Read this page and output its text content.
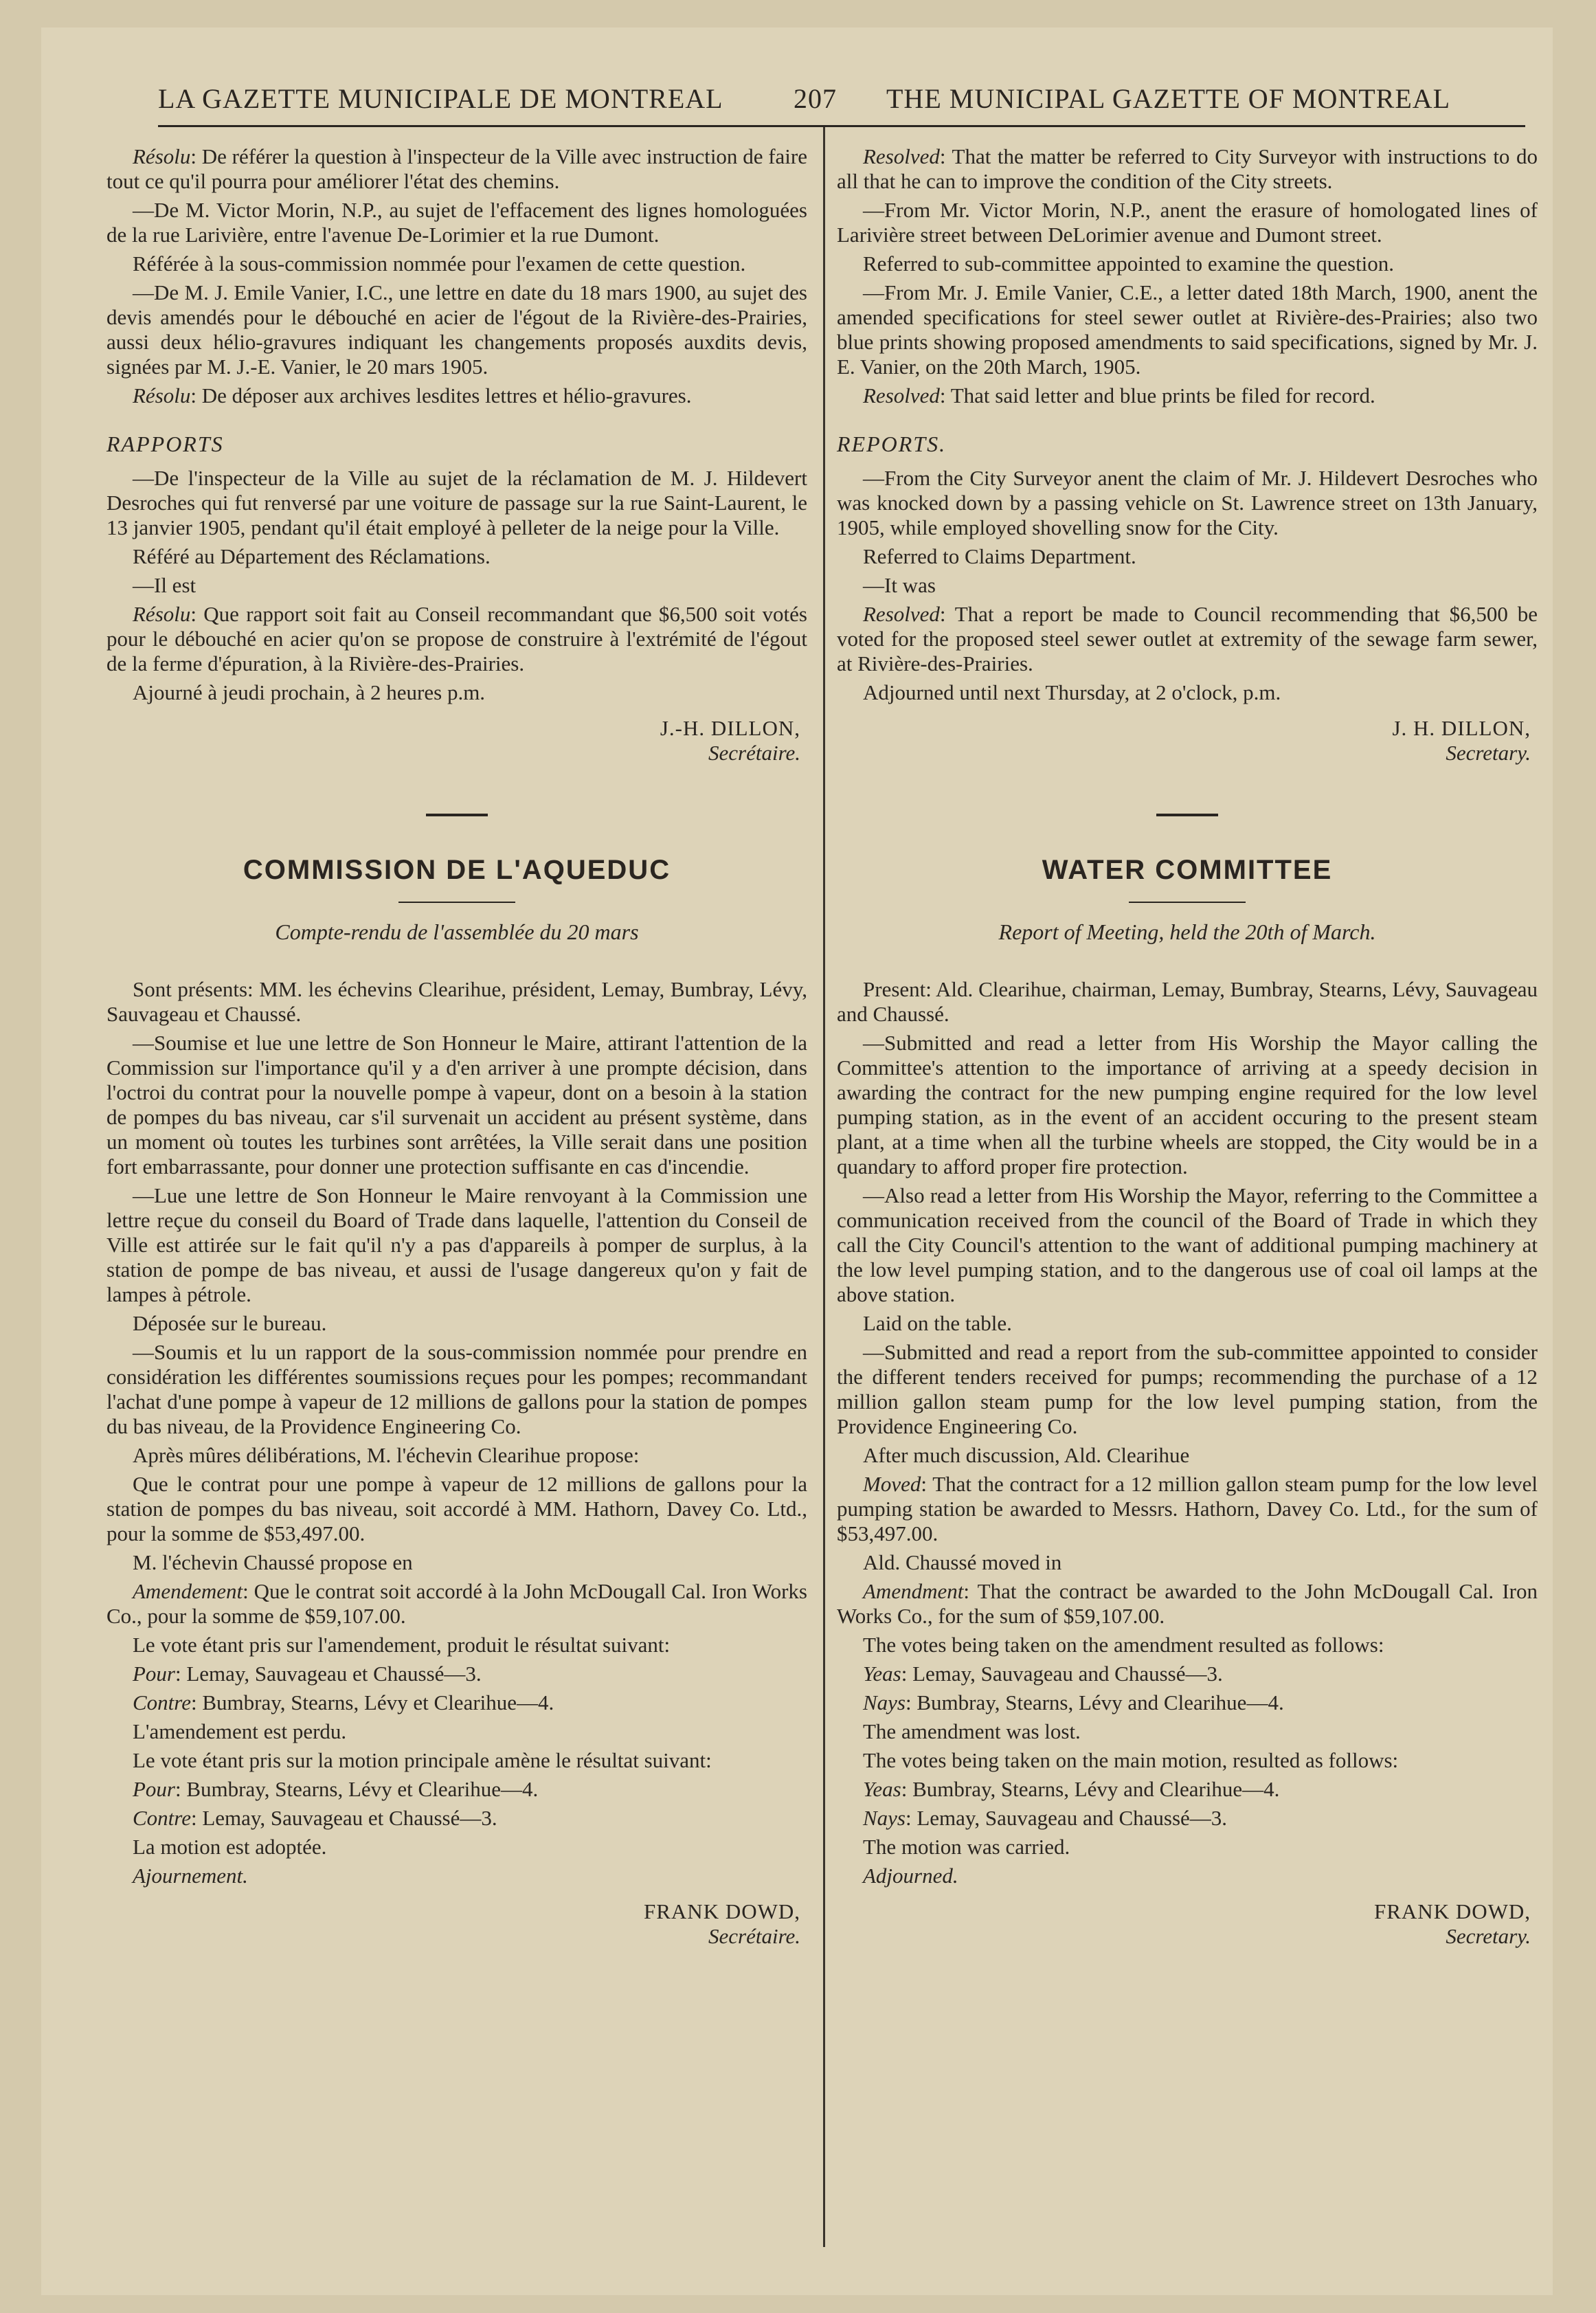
LA GAZETTE MUNICIPALE DE MONTREAL	207 THE MUNICIPAL GAZETTE OF MONTREAL

Résolu: De référer la question à l'inspecteur de la Ville avec instruction de faire tout ce qu'il pourra pour améliorer l'état des chemins.

—De M. Victor Morin, N.P., au sujet de l'effacement des lignes homologuées de la rue Larivière, entre l'avenue De-Lorimier et la rue Dumont.

Référée à la sous-commission nommée pour l'examen de cette question.

—De M. J. Emile Vanier, I.C., une lettre en date du 18 mars 1900, au sujet des devis amendés pour le débouché en acier de l'égout de la Rivière-des-Prairies, aussi deux hélio-gravures indiquant les changements proposés auxdits devis, signées par M. J.-E. Vanier, le 20 mars 1905.

Résolu: De déposer aux archives lesdites lettres et hélio-gravures.

RAPPORTS

—De l'inspecteur de la Ville au sujet de la réclamation de M. J. Hildevert Desroches qui fut renversé par une voiture de passage sur la rue Saint-Laurent, le 13 janvier 1905, pendant qu'il était employé à pelleter de la neige pour la Ville.

Référé au Département des Réclamations.

—Il est

Résolu: Que rapport soit fait au Conseil recommandant que $6,500 soit votés pour le débouché en acier qu'on se propose de construire à l'extrémité de l'égout de la ferme d'épuration, à la Rivière-des-Prairies.

Ajourné à jeudi prochain, à 2 heures p.m.

J.-H. DILLON,
Secrétaire.
COMMISSION DE L'AQUEDUC
Compte-rendu de l'assemblée du 20 mars

Sont présents: MM. les échevins Clearihue, président, Lemay, Bumbray, Lévy, Sauvageau et Chaussé.

—Soumise et lue une lettre de Son Honneur le Maire, attirant l'attention de la Commission sur l'importance qu'il y a d'en arriver à une prompte décision, dans l'octroi du contrat pour la nouvelle pompe à vapeur, dont on a besoin à la station de pompes du bas niveau, car s'il survenait un accident au présent système, dans un moment où toutes les turbines sont arrêtées, la Ville serait dans une position fort embarrassante, pour donner une protection suffisante en cas d'incendie.

—Lue une lettre de Son Honneur le Maire renvoyant à la Commission une lettre reçue du conseil du Board of Trade dans laquelle, l'attention du Conseil de Ville est attirée sur le fait qu'il n'y a pas d'appareils à pomper de surplus, à la station de pompe de bas niveau, et aussi de l'usage dangereux qu'on y fait de lampes à pétrole.

Déposée sur le bureau.

—Soumis et lu un rapport de la sous-commission nommée pour prendre en considération les différentes soumissions reçues pour les pompes; recommandant l'achat d'une pompe à vapeur de 12 millions de gallons pour la station de pompes du bas niveau, de la Providence Engineering Co.

Après mûres délibérations, M. l'échevin Clearihue propose:

Que le contrat pour une pompe à vapeur de 12 millions de gallons pour la station de pompes du bas niveau, soit accordé à MM. Hathorn, Davey Co. Ltd., pour la somme de $53,497.00.

M. l'échevin Chaussé propose en

Amendement: Que le contrat soit accordé à la John McDougall Cal. Iron Works Co., pour la somme de $59,107.00.

Le vote étant pris sur l'amendement, produit le résultat suivant:

Pour: Lemay, Sauvageau et Chaussé—3.

Contre: Bumbray, Stearns, Lévy et Clearihue—4.

L'amendement est perdu.

Le vote étant pris sur la motion principale amène le résultat suivant:

Pour: Bumbray, Stearns, Lévy et Clearihue—4.

Contre: Lemay, Sauvageau et Chaussé—3.

La motion est adoptée.

Ajournement.

FRANK DOWD,
Secrétaire.

Resolved: That the matter be referred to City Surveyor with instructions to do all that he can to improve the condition of the City streets.

—From Mr. Victor Morin, N.P., anent the erasure of homologated lines of Larivière street between DeLorimier avenue and Dumont street.

Referred to sub-committee appointed to examine the question.

—From Mr. J. Emile Vanier, C.E., a letter dated 18th March, 1900, anent the amended specifications for steel sewer outlet at Rivière-des-Prairies; also two blue prints showing proposed amendments to said specifications, signed by Mr. J. E. Vanier, on the 20th March, 1905.

Resolved: That said letter and blue prints be filed for record.

REPORTS.

—From the City Surveyor anent the claim of Mr. J. Hildevert Desroches who was knocked down by a passing vehicle on St. Lawrence street on 13th January, 1905, while employed shovelling snow for the City.

Referred to Claims Department.

—It was

Resolved: That a report be made to Council recommending that $6,500 be voted for the proposed steel sewer outlet at extremity of the sewage farm sewer, at Rivière-des-Prairies.

Adjourned until next Thursday, at 2 o'clock, p.m.

J. H. DILLON,
Secretary.
WATER COMMITTEE
Report of Meeting, held the 20th of March.

Present: Ald. Clearihue, chairman, Lemay, Bumbray, Stearns, Lévy, Sauvageau and Chaussé.

—Submitted and read a letter from His Worship the Mayor calling the Committee's attention to the importance of arriving at a speedy decision in awarding the contract for the new pumping engine required for the low level pumping station, as in the event of an accident occuring to the present steam plant, at a time when all the turbine wheels are stopped, the City would be in a quandary to afford proper fire protection.

—Also read a letter from His Worship the Mayor, referring to the Committee a communication received from the council of the Board of Trade in which they call the City Council's attention to the want of additional pumping machinery at the low level pumping station, and to the dangerous use of coal oil lamps at the above station.

Laid on the table.

—Submitted and read a report from the sub-committee appointed to consider the different tenders received for pumps; recommending the purchase of a 12 million gallon steam pump for the low level pumping station, from the Providence Engineering Co.

After much discussion, Ald. Clearihue

Moved: That the contract for a 12 million gallon steam pump for the low level pumping station be awarded to Messrs. Hathorn, Davey Co. Ltd., for the sum of $53,497.00.

Ald. Chaussé moved in

Amendment: That the contract be awarded to the John McDougall Cal. Iron Works Co., for the sum of $59,107.00.

The votes being taken on the amendment resulted as follows:

Yeas: Lemay, Sauvageau and Chaussé—3.

Nays: Bumbray, Stearns, Lévy and Clearihue—4.

The amendment was lost.

The votes being taken on the main motion, resulted as follows:

Yeas: Bumbray, Stearns, Lévy and Clearihue—4.

Nays: Lemay, Sauvageau and Chaussé—3.

The motion was carried.

Adjourned.

FRANK DOWD,
Secretary.
